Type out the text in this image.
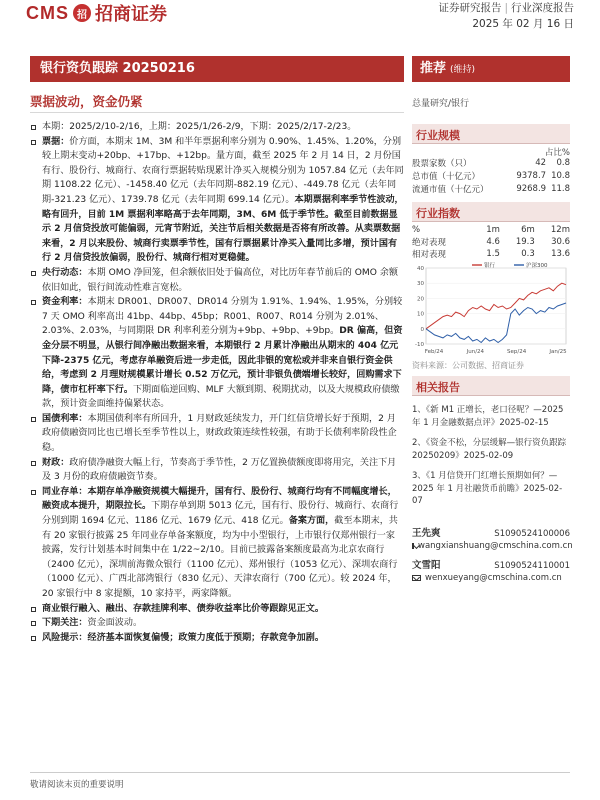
CMS 招 招商证券	证券研究报告 | 行业深度报告
2025 年 02 月 16 日
银行资负跟踪 20250216	推荐 (维持)
票据波动，资金仍紧

本期：2025/2/10-2/16，上期：2025/1/26-2/9，下期：2025/2/17-2/23。

票据：价方面，本期末 1M、3M 和半年票据利率分别为 0.90%、1.45%、1.20%，分别较上期末变动+20bp、+17bp、+12bp。量方面，截至 2025 年 2 月 14 日，2 月份国有行、股份行、城商行、农商行票据转贴现累计净买入规模分别为 1057.84 亿元（去年同期 1108.22 亿元）、-1458.40 亿元（去年同期-882.19 亿元）、-449.78 亿元（去年同期-321.23 亿元）、1739.78 亿元（去年同期 699.14 亿元）。本期票据利率季节性波动，略有回升，目前 1M 票据利率略高于去年同期，3M、6M 低于季节性。截至目前数据显示 2 月信贷投放可能偏弱，元宵节附近，关注节后相关数据是否将有所改善。从卖票数据来看，2 月以来股份、城商行卖票季节性，国有行票据累计净买入量同比多增，预计国有行 2 月信贷投放偏弱，股份行、城商行相对更稳健。

央行动态：本期 OMO 净回笼，但余额依旧处于偏高位，对比历年春节前后的 OMO 余额依旧如此，银行间流动性难言宽松。

资金利率：本期末 DR001、DR007、DR014 分别为 1.91%、1.94%、1.95%，分别较 7 天 OMO 利率高出 41bp、44bp、45bp；R001、R007、R014 分别为 2.01%、2.03%、2.03%，与同期限 DR 利率利差分别为+9bp、+9bp、+9bp。DR 偏高，但资金分层不明显，从银行间净融出数据来看，本期银行 2 月累计净融出从期末的 404 亿元下降-2375 亿元，考虑存单融资后进一步走低，因此非银的宽松或并非来自银行资金供给，考虑到 2 月理财规模累计增长 0.52 万亿元，预计非银负债端增长较好，回购需求下降，债市杠杆率下行。下期面临逆回购、MLF 大额到期、税期扰动，以及大规模政府债缴款，预计资金面维持偏紧状态。

国债利率：本期国债利率有所回升，1 月财政延续发力，开门红信贷增长好于预期，2 月政府债融资同比也已增长至季节性以上，财政政策连续性较强，有助于长债利率阶段性企稳。

财政：政府债净融资大幅上行，节奏高于季节性，2 万亿置换债额度即将用完，关注下月及 3 月份的政府债融资节奏。

同业存单：本期存单净融资规模大幅提升，国有行、股份行、城商行均有不同幅度增长，融资成本提升，期限拉长。下期存单到期 5013 亿元，国有行、股份行、城商行、农商行分别到期 1694 亿元、1186 亿元、1679 亿元、418 亿元。备案方面，截至本期末，共有 20 家银行披露 25 年同业存单备案额度，均为中小型银行，上市银行仅郑州银行一家披露，发行计划基本时间集中在 1/22~2/10。目前已披露备案额度最高为北京农商行（2400 亿元），深圳前海微众银行（1100 亿元）、郑州银行（1053 亿元）、深圳农商行（1000 亿元）、广西北部湾银行（830 亿元）、天津农商行（700 亿元）。较 2024 年，20 家银行中 8 家提额，10 家持平，两家降额。

商业银行融入、融出、存款挂牌利率、债券收益率比价等跟踪见正文。

下期关注：资金面波动。

风险提示：经济基本面恢复偏慢；政策力度低于预期；存款竞争加剧。

总量研究/银行
行业规模
占比%
股票家数（只）	42	0.8
总市值（十亿元）	9378.7	10.8
流通市值（十亿元）	9268.9	11.8
行业指数
%	1m	6m	12m
绝对表现	4.6	19.3	30.6
相对表现	1.5	0.3	13.6
40
30
20
10
0
-10
Feb/24	Jun/24	Sep/24	Jan/25
银行	沪深300
资料来源：公司数据、招商证券
相关报告
1、《新 M1 正增长，老口径呢？—2025 年 1 月金融数据点评》2025-02-15
2、《资金不松，分层缓解—银行资负跟踪 20250209》2025-02-09
3、《1 月信贷开门红增长预期如何？—2025 年 1 月社融货币前瞻》2025-02-07
王先爽	S1090524100006
wangxianshuang@cmschina.com.cn
文雪阳	S1090524110001
wenxueyang@cmschina.com.cn
敬请阅读末页的重要说明
